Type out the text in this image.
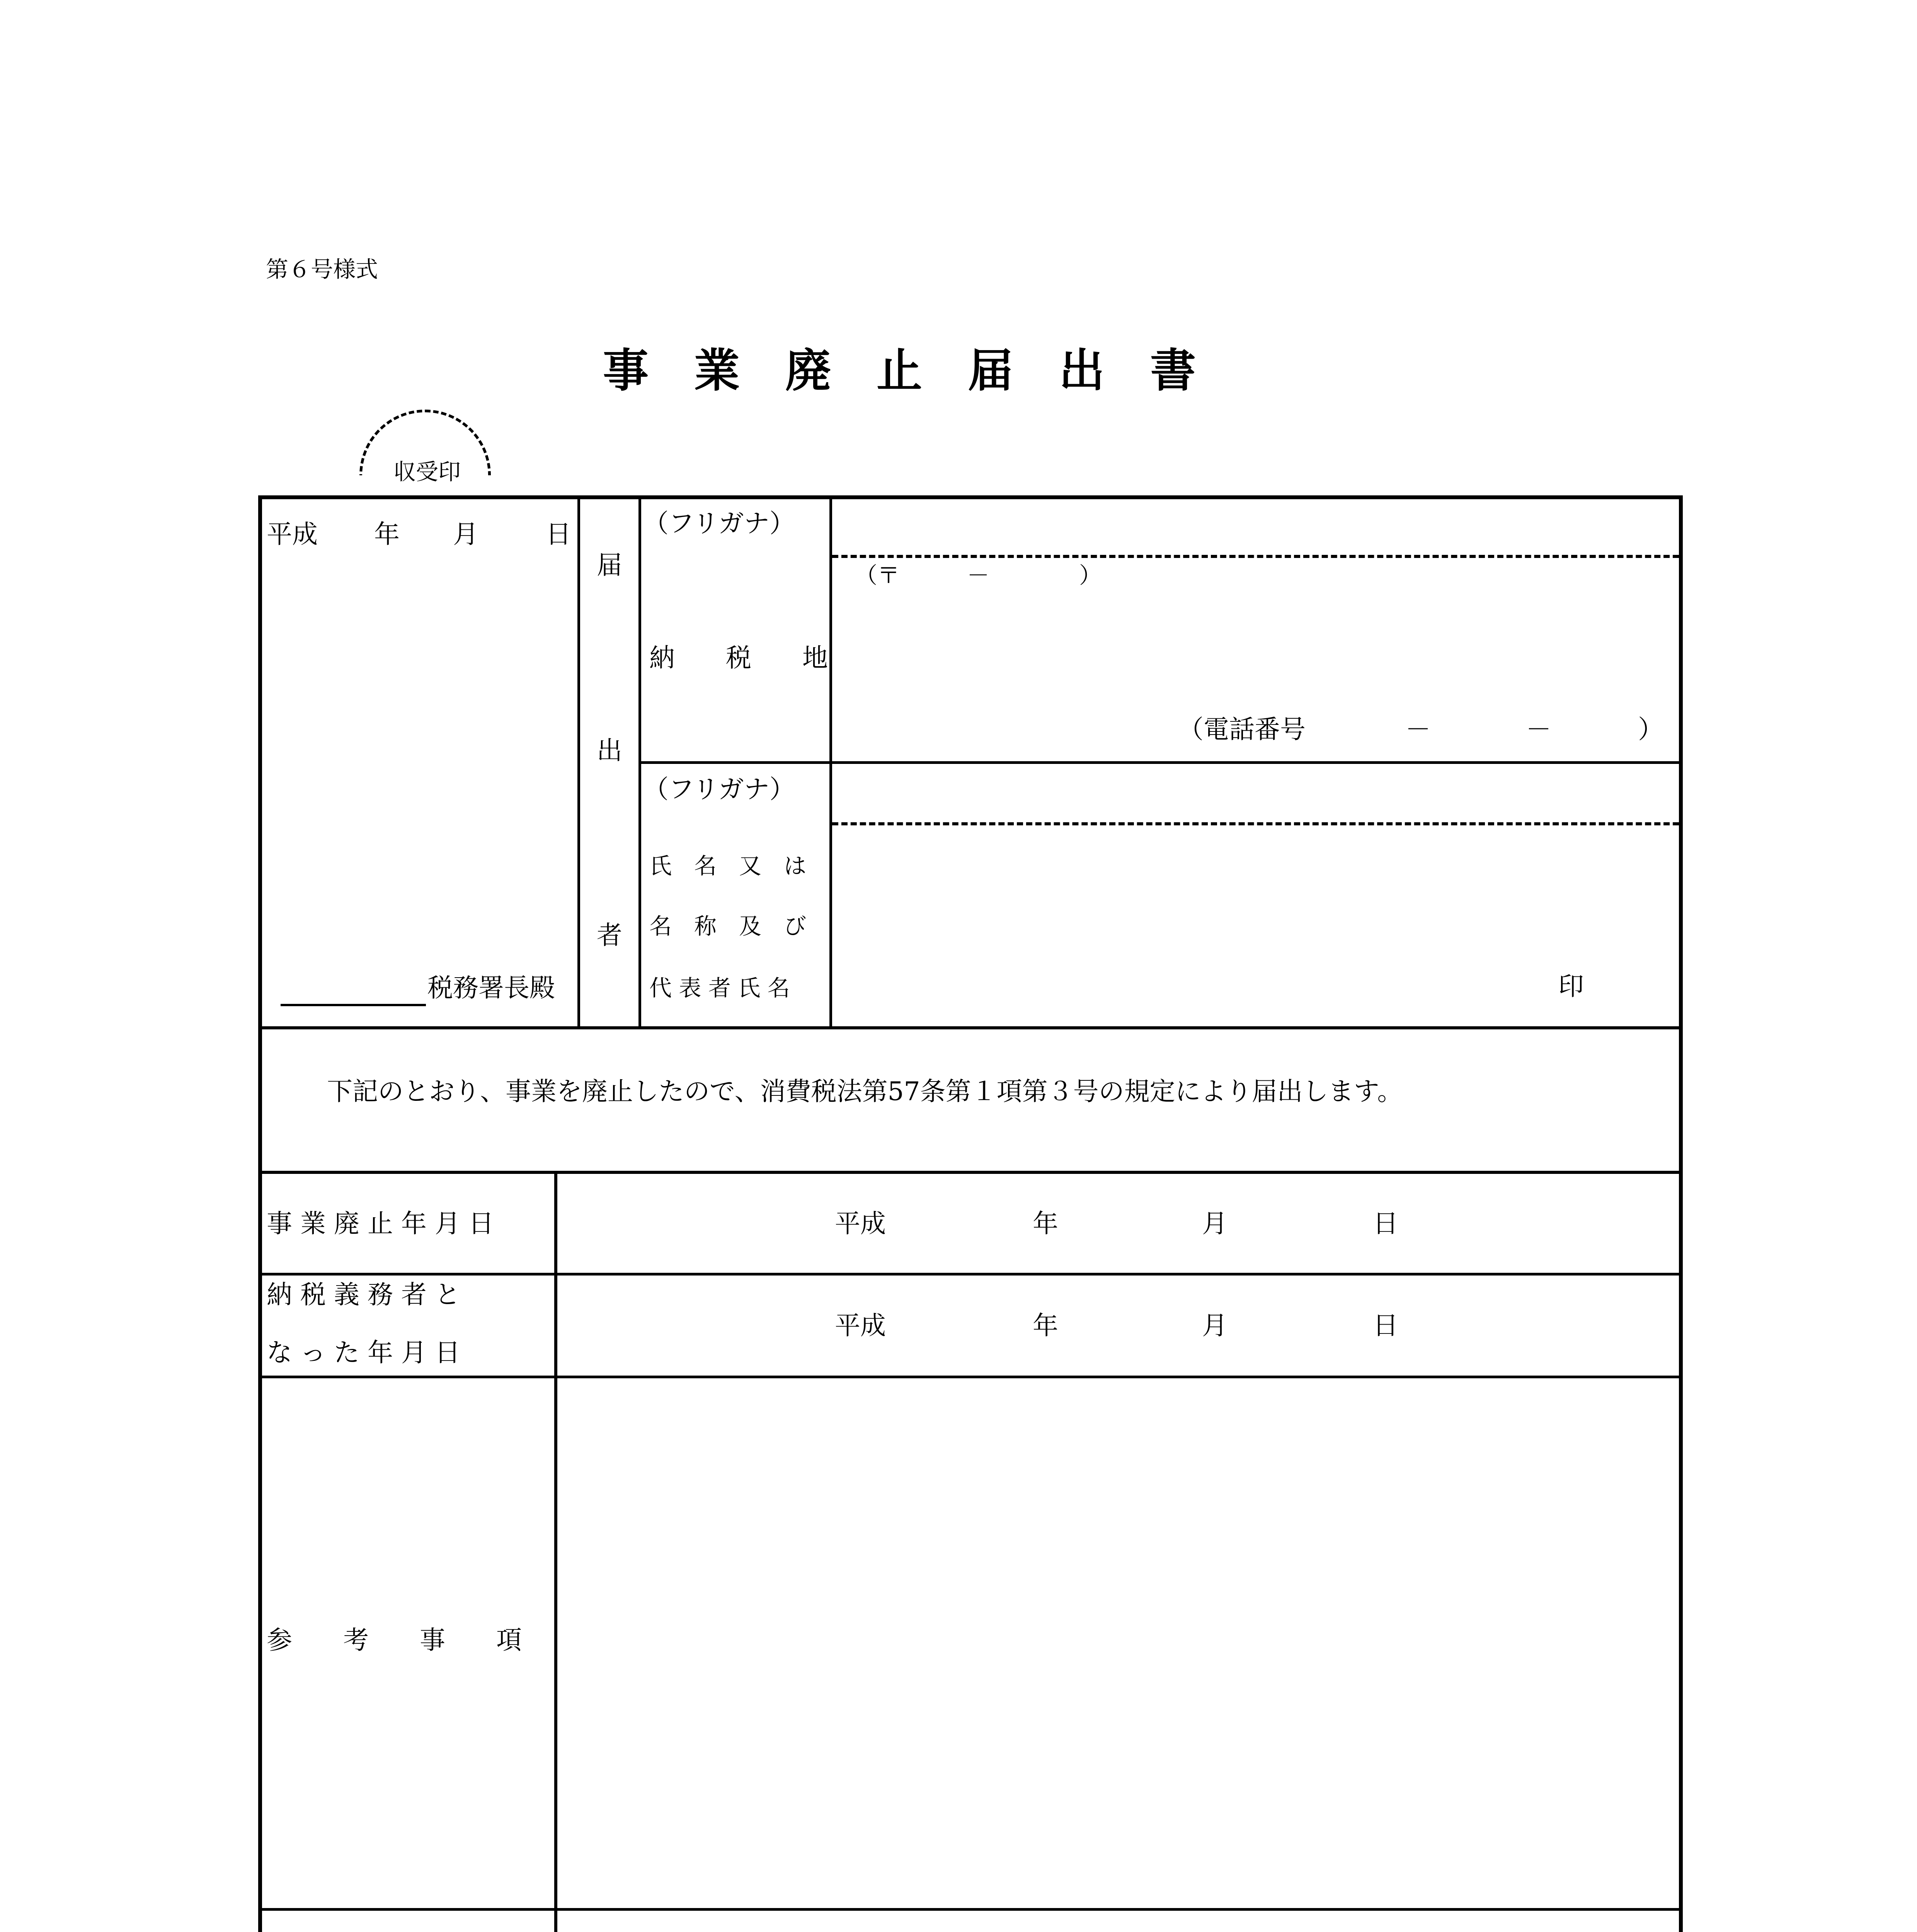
第６号様式
事　業　廃　止　届　出　書
収受印
平成 年 月	日
税務署長殿
届
出
者
（フリガナ）
納　　税　　地
（〒　　　－　　　　）
（電話番号	－	－	）
（フリガナ）
氏　名　又　は
名　称　及　び
代 表 者 氏 名	印
下記のとおり、事業を廃止したので、消費税法第57条第１項第３号の規定により届出します。
事 業 廃 止 年 月 日	平成	年	月	日
納 税 義 務 者 と
な っ た 年 月 日
平成	年	月	日
参　　考　　事　　項
